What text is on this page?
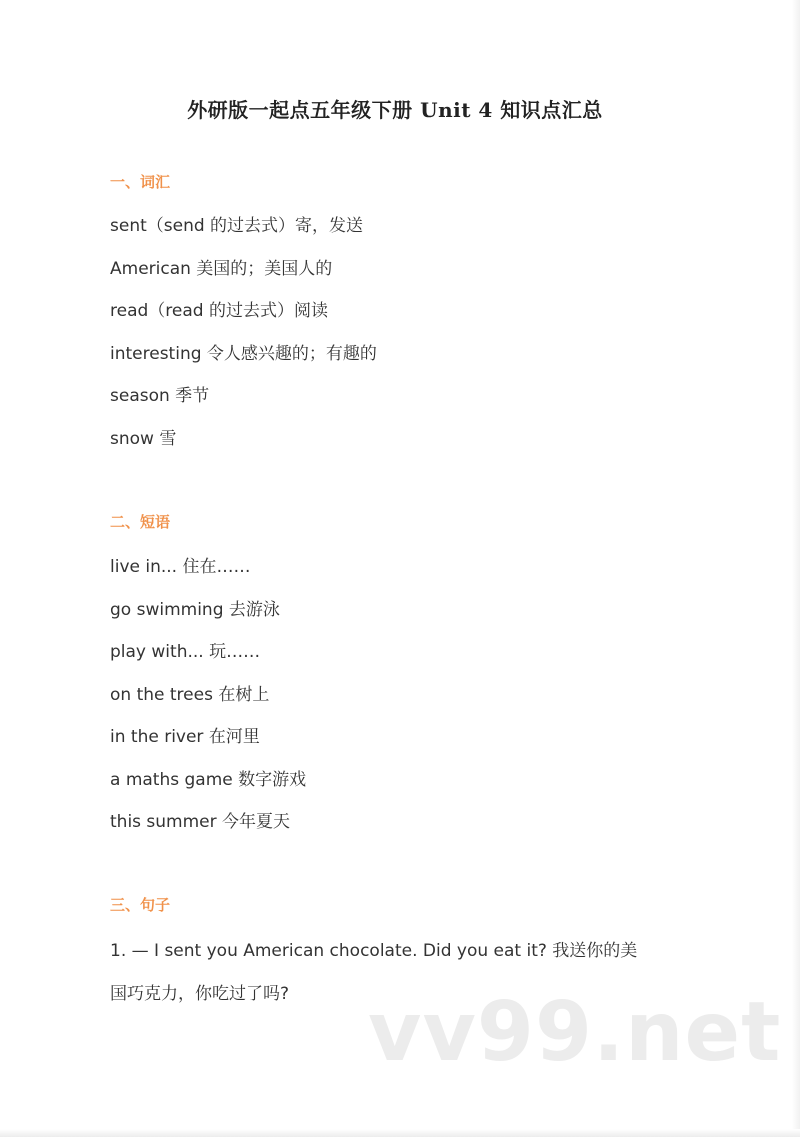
外研版一起点五年级下册 Unit 4 知识点汇总
一、词汇
sent（send 的过去式）寄，发送
American 美国的；美国人的
read（read 的过去式）阅读
interesting 令人感兴趣的；有趣的
season 季节
snow 雪
二、短语
live in... 住在……
go swimming 去游泳
play with... 玩……
on the trees 在树上
in the river 在河里
a maths game 数字游戏
this summer 今年夏天
三、句子
1. — I sent you American chocolate. Did you eat it? 我送你的美
国巧克力，你吃过了吗? vv99.net
